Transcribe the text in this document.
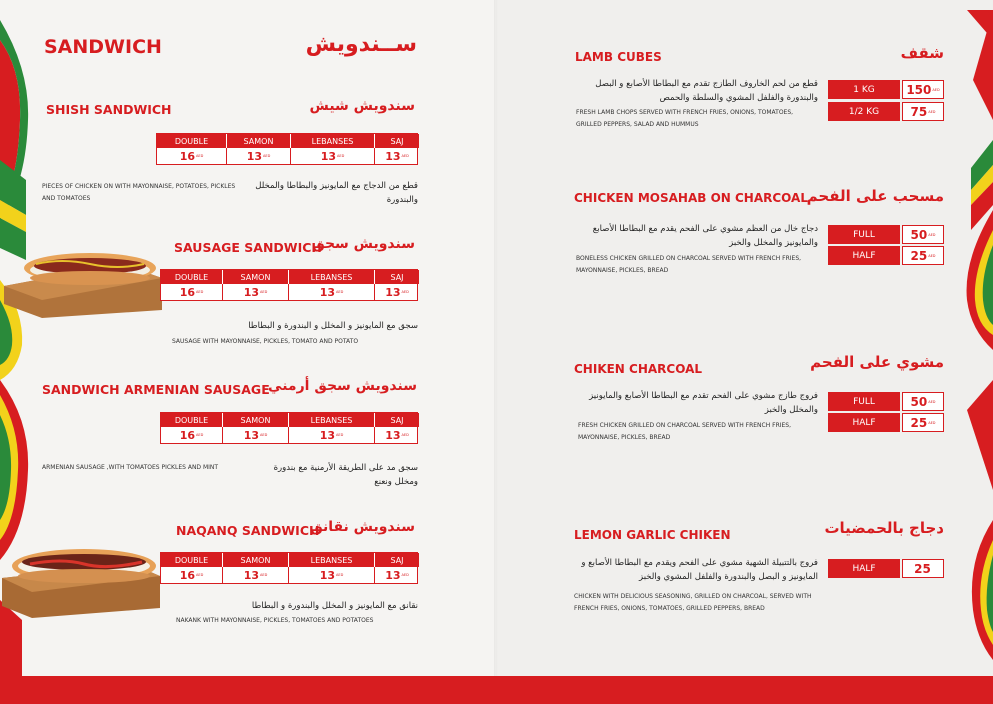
SANDWICH	ســندويش
SHISH SANDWICH	سندويش شيش
DOUBLE	SAMON	LEBANSES	SAJ
16 AED	13 AED	13 AED	13 AED
قطع من الدجاج مع المايونيز والبطاطا والمخلل والبندورة
PIECES OF CHICKEN ON WITH MAYONNAISE, POTATOES, PICKLES AND TOMATOES
SAUSAGE SANDWICH
سندويش سجق
DOUBLE	SAMON	LEBANSES	SAJ
16 AED	13 AED	13 AED	13 AED
سجق مع المايونيز و المخلل و البندورة و البطاطا
SAUSAGE WITH MAYONNAISE, PICKLES, TOMATO AND POTATO
SANDWICH ARMENIAN SAUSAGE
سندويش سجق أرمني
DOUBLE	SAMON	LEBANSES	SAJ
16 AED	13 AED	13 AED	13 AED
سجق مد على الطريقة الأرمنية مع بندورة ومخلل ونعنع
ARMENIAN SAUSAGE ,WITH TOMATOES PICKLES AND MINT
NAQANQ SANDWICH
سندويش نقانق
DOUBLE	SAMON	LEBANSES	SAJ
16 AED	13 AED	13 AED	13 AED
نقانق مع المايونيز و المخلل والبندورة و البطاطا
NAKANK WITH MAYONNAISE, PICKLES, TOMATOES AND POTATOES
LAMB CUBES	شقف
قطع من لحم الخاروف الطازج تقدم مع البطاطا الأصابع و البصل والبندورة والفلفل المشوي والسلطة والحمص
FRESH LAMB CHOPS SERVED WITH FRENCH FRIES, ONIONS, TOMATOES, GRILLED PEPPERS, SALAD AND HUMMUS
1 KG	150 AED
1/2 KG	75 AED
CHICKEN MOSAHAB ON CHARCOAL
مسحب على الفحم
دجاج خال من العظم مشوي على الفحم يقدم مع البطاطا الأصابع والمايونيز والمخلل والخبز
BONELESS CHICKEN GRILLED ON CHARCOAL SERVED WITH FRENCH FRIES, MAYONNAISE, PICKLES, BREAD
FULL	50 AED
HALF	25 AED
CHIKEN CHARCOAL	مشوي على الفحم
فروج طازج مشوي على الفحم تقدم مع البطاطا الأصابع والمايونيز والمخلل والخبز
FRESH CHICKEN GRILLED ON CHARCOAL SERVED WITH FRENCH FRIES, MAYONNAISE, PICKLES, BREAD
FULL	50 AED
HALF	25 AED
LEMON GARLIC CHIKEN	دجاج بالحمضيات
فروج بالتتبيلة الشهية مشوي على الفحم ويقدم مع البطاطا الأصابع و المايونيز و البصل والبندورة والفلفل المشوي والخبز
CHICKEN WITH DELICIOUS SEASONING, GRILLED ON CHARCOAL, SERVED WITH FRENCH FRIES, ONIONS, TOMATOES, GRILLED PEPPERS, BREAD
HALF	25
